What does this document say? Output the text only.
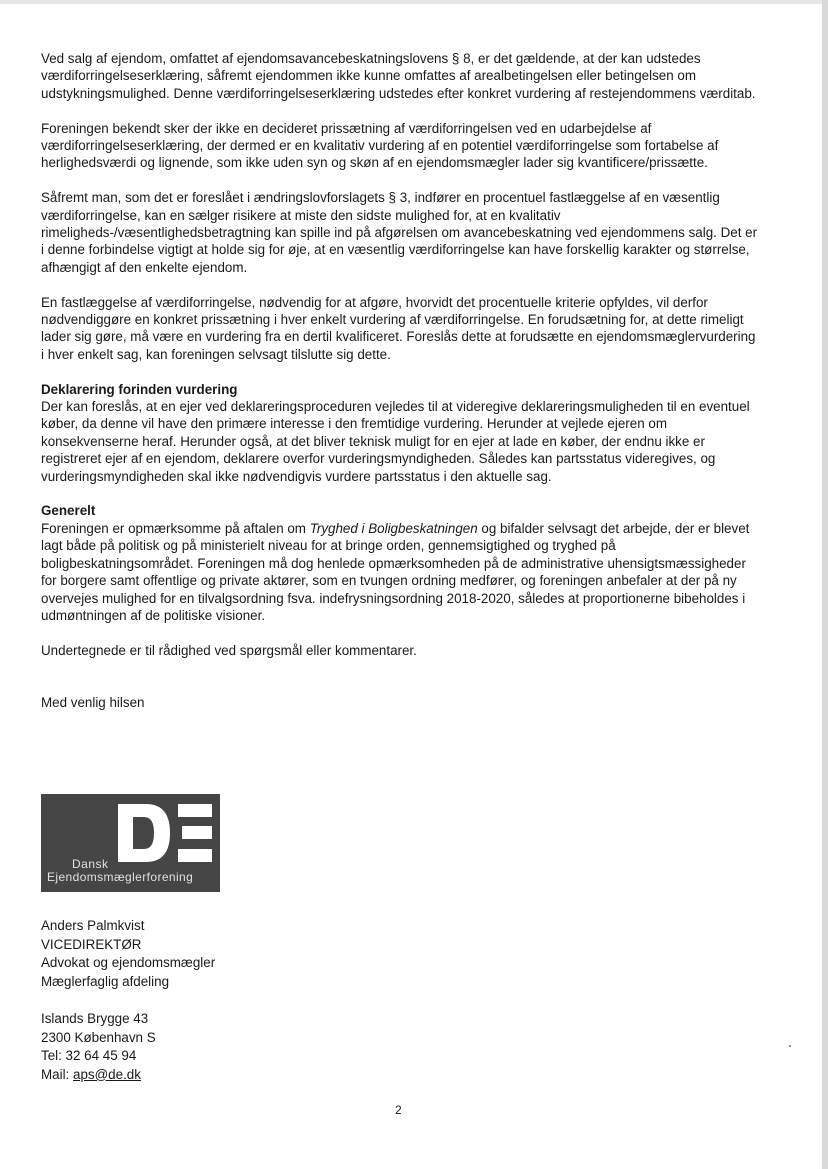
Ved salg af ejendom, omfattet af ejendomsavancebeskatningslovens § 8, er det gældende, at der kan udstedes værdiforringelseserklæring, såfremt ejendommen ikke kunne omfattes af arealbetingelsen eller betingelsen om udstykningsmulighed. Denne værdiforringelseserklæring udstedes efter konkret vurdering af restejendommens værditab.

Foreningen bekendt sker der ikke en decideret prissætning af værdiforringelsen ved en udarbejdelse af værdiforringelseserklæring, der dermed er en kvalitativ vurdering af en potentiel værdiforringelse som fortabelse af herlighedsværdi og lignende, som ikke uden syn og skøn af en ejendomsmægler lader sig kvantificere/prissætte.

Såfremt man, som det er foreslået i ændringslovforslagets § 3, indfører en procentuel fastlæggelse af en væsentlig værdiforringelse, kan en sælger risikere at miste den sidste mulighed for, at en kvalitativ rimeligheds-/væsentlighedsbetragtning kan spille ind på afgørelsen om avancebeskatning ved ejendommens salg. Det er i denne forbindelse vigtigt at holde sig for øje, at en væsentlig værdiforringelse kan have forskellig karakter og størrelse, afhængigt af den enkelte ejendom.

En fastlæggelse af værdiforringelse, nødvendig for at afgøre, hvorvidt det procentuelle kriterie opfyldes, vil derfor nødvendiggøre en konkret prissætning i hver enkelt vurdering af værdiforringelse. En forudsætning for, at dette rimeligt lader sig gøre, må være en vurdering fra en dertil kvalificeret. Foreslås dette at forudsætte en ejendomsmæglervurdering i hver enkelt sag, kan foreningen selvsagt tilslutte sig dette.

Deklarering forinden vurdering

Der kan foreslås, at en ejer ved deklareringsproceduren vejledes til at videregive deklareringsmuligheden til en eventuel køber, da denne vil have den primære interesse i den fremtidige vurdering. Herunder at vejlede ejeren om konsekvenserne heraf. Herunder også, at det bliver teknisk muligt for en ejer at lade en køber, der endnu ikke er registreret ejer af en ejendom, deklarere overfor vurderingsmyndigheden. Således kan partsstatus videregives, og vurderingsmyndigheden skal ikke nødvendigvis vurdere partsstatus i den aktuelle sag.

Generelt

Foreningen er opmærksomme på aftalen om Tryghed i Boligbeskatningen og bifalder selvsagt det arbejde, der er blevet lagt både på politisk og på ministerielt niveau for at bringe orden, gennemsigtighed og tryghed på boligbeskatningsområdet. Foreningen må dog henlede opmærksomheden på de administrative uhensigtsmæssigheder for borgere samt offentlige og private aktører, som en tvungen ordning medfører, og foreningen anbefaler at der på ny overvejes mulighed for en tilvalgsordning fsva. indefrysningsordning 2018-2020, således at proportionerne bibeholdes i udmøntningen af de politiske visioner.

Undertegnede er til rådighed ved spørgsmål eller kommentarer.

Med venlig hilsen

Dansk
Ejendomsmæglerforening
Anders Palmkvist
VICEDIREKTØR
Advokat og ejendomsmægler
Mæglerfaglig afdeling
Islands Brygge 43
2300 København S
Tel: 32 64 45 94
Mail: aps@de.dk
2
